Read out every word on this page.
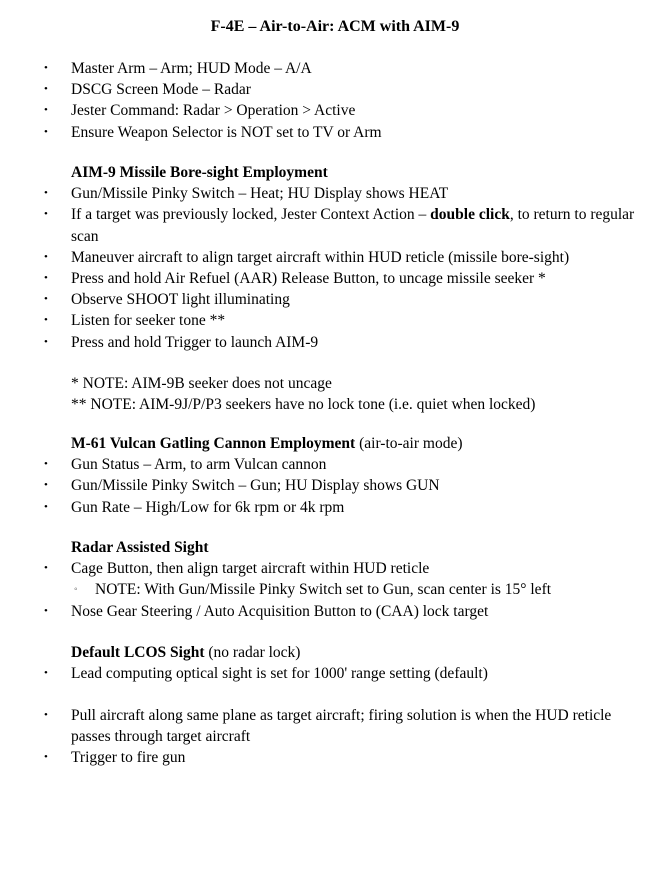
F-4E – Air-to-Air: ACM with AIM-9
• Master Arm – Arm; HUD Mode – A/A
• DSCG Screen Mode – Radar
• Jester Command: Radar > Operation > Active
• Ensure Weapon Selector is NOT set to TV or Arm
AIM-9 Missile Bore-sight Employment
• Gun/Missile Pinky Switch – Heat; HU Display shows HEAT
• If a target was previously locked, Jester Context Action – double click, to return to regular scan
• Maneuver aircraft to align target aircraft within HUD reticle (missile bore-sight)
• Press and hold Air Refuel (AAR) Release Button, to uncage missile seeker *
• Observe SHOOT light illuminating
• Listen for seeker tone **
• Press and hold Trigger to launch AIM-9
* NOTE: AIM-9B seeker does not uncage
** NOTE: AIM-9J/P/P3 seekers have no lock tone (i.e. quiet when locked)
M-61 Vulcan Gatling Cannon Employment (air-to-air mode)
• Gun Status – Arm, to arm Vulcan cannon
• Gun/Missile Pinky Switch – Gun; HU Display shows GUN
• Gun Rate – High/Low for 6k rpm or 4k rpm
Radar Assisted Sight
• Cage Button, then align target aircraft within HUD reticle
◦ NOTE: With Gun/Missile Pinky Switch set to Gun, scan center is 15° left
• Nose Gear Steering / Auto Acquisition Button to (CAA) lock target
Default LCOS Sight (no radar lock)
• Lead computing optical sight is set for 1000' range setting (default)
• Pull aircraft along same plane as target aircraft; firing solution is when the HUD reticle passes through target aircraft
• Trigger to fire gun
